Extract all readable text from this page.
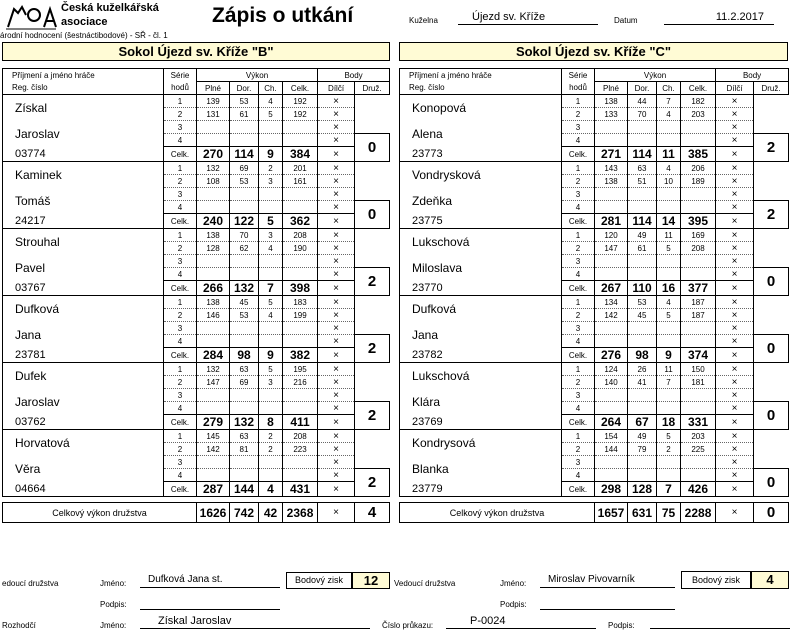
Česká kuželkářská
asociace	Zápis o utkání
árodní hodnocení (šestnáctibodové) - SŘ - čl. 1
Kuželna	Újezd sv. Kříže	Datum	11.2.2017
Sokol Újezd sv. Kříže "B"	Sokol Újezd sv. Kříže "C"
Příjmení a jméno hráče	Série	Výkon				Body	
Reg. číslo	hodů	Plné	Dor.	Ch.	Celk.	Dílčí	Druž.
Získal	1	139	53	4	192	×	
	2	131	61	5	192	×	
Jaroslav	3					×	
	4					×	0
03774	Celk.	270	114	9	384	×	
Kaminek	1	132	69	2	201	×	
	2	108	53	3	161	×	
Tomáš	3					×	
	4					×	0
24217	Celk.	240	122	5	362	×	
Strouhal	1	138	70	3	208	×	
	2	128	62	4	190	×	
Pavel	3					×	
	4					×	2
03767	Celk.	266	132	7	398	×	
Dufková	1	138	45	5	183	×	
	2	146	53	4	199	×	
Jana	3					×	
	4					×	2
23781	Celk.	284	98	9	382	×	
Dufek	1	132	63	5	195	×	
	2	147	69	3	216	×	
Jaroslav	3					×	
	4					×	2
03762	Celk.	279	132	8	411	×	
Horvatová	1	145	63	2	208	×	
	2	142	81	2	223	×	
Věra	3					×	
	4					×	2
04664	Celk.	287	144	4	431	×	

Celkový výkon družstva		1626	742	42	2368	×	4
Příjmení a jméno hráče	Série	Výkon				Body	
Reg. číslo	hodů	Plné	Dor.	Ch.	Celk.	Dílčí	Druž.
Konopová	1	138	44	7	182	×	
	2	133	70	4	203	×	
Alena	3					×	
	4					×	2
23773	Celk.	271	114	11	385	×	
Vondrysková	1	143	63	4	206	×	
	2	138	51	10	189	×	
Zdeňka	3					×	
	4					×	2
23775	Celk.	281	114	14	395	×	
Lukschová	1	120	49	11	169	×	
	2	147	61	5	208	×	
Miloslava	3					×	
	4					×	0
23770	Celk.	267	110	16	377	×	
Dufková	1	134	53	4	187	×	
	2	142	45	5	187	×	
Jana	3					×	
	4					×	0
23782	Celk.	276	98	9	374	×	
Lukschová	1	124	26	11	150	×	
	2	140	41	7	181	×	
Klára	3					×	
	4					×	0
23769	Celk.	264	67	18	331	×	
Kondrysová	1	154	49	5	203	×	
	2	144	79	2	225	×	
Blanka	3					×	
	4					×	0
23779	Celk.	298	128	7	426	×	

Celkový výkon družstva		1657	631	75	2288	×	0
edoucí družstva	Jméno:	Dufková Jana st.	Bodový zisk	12
Podpis:
Vedoucí družstva	Jméno:	Miroslav Pivovarník	Bodový zisk	4
Podpis:
Rozhodčí	Jméno:	Získal Jaroslav	Číslo průkazu:	P-0024	Podpis:
